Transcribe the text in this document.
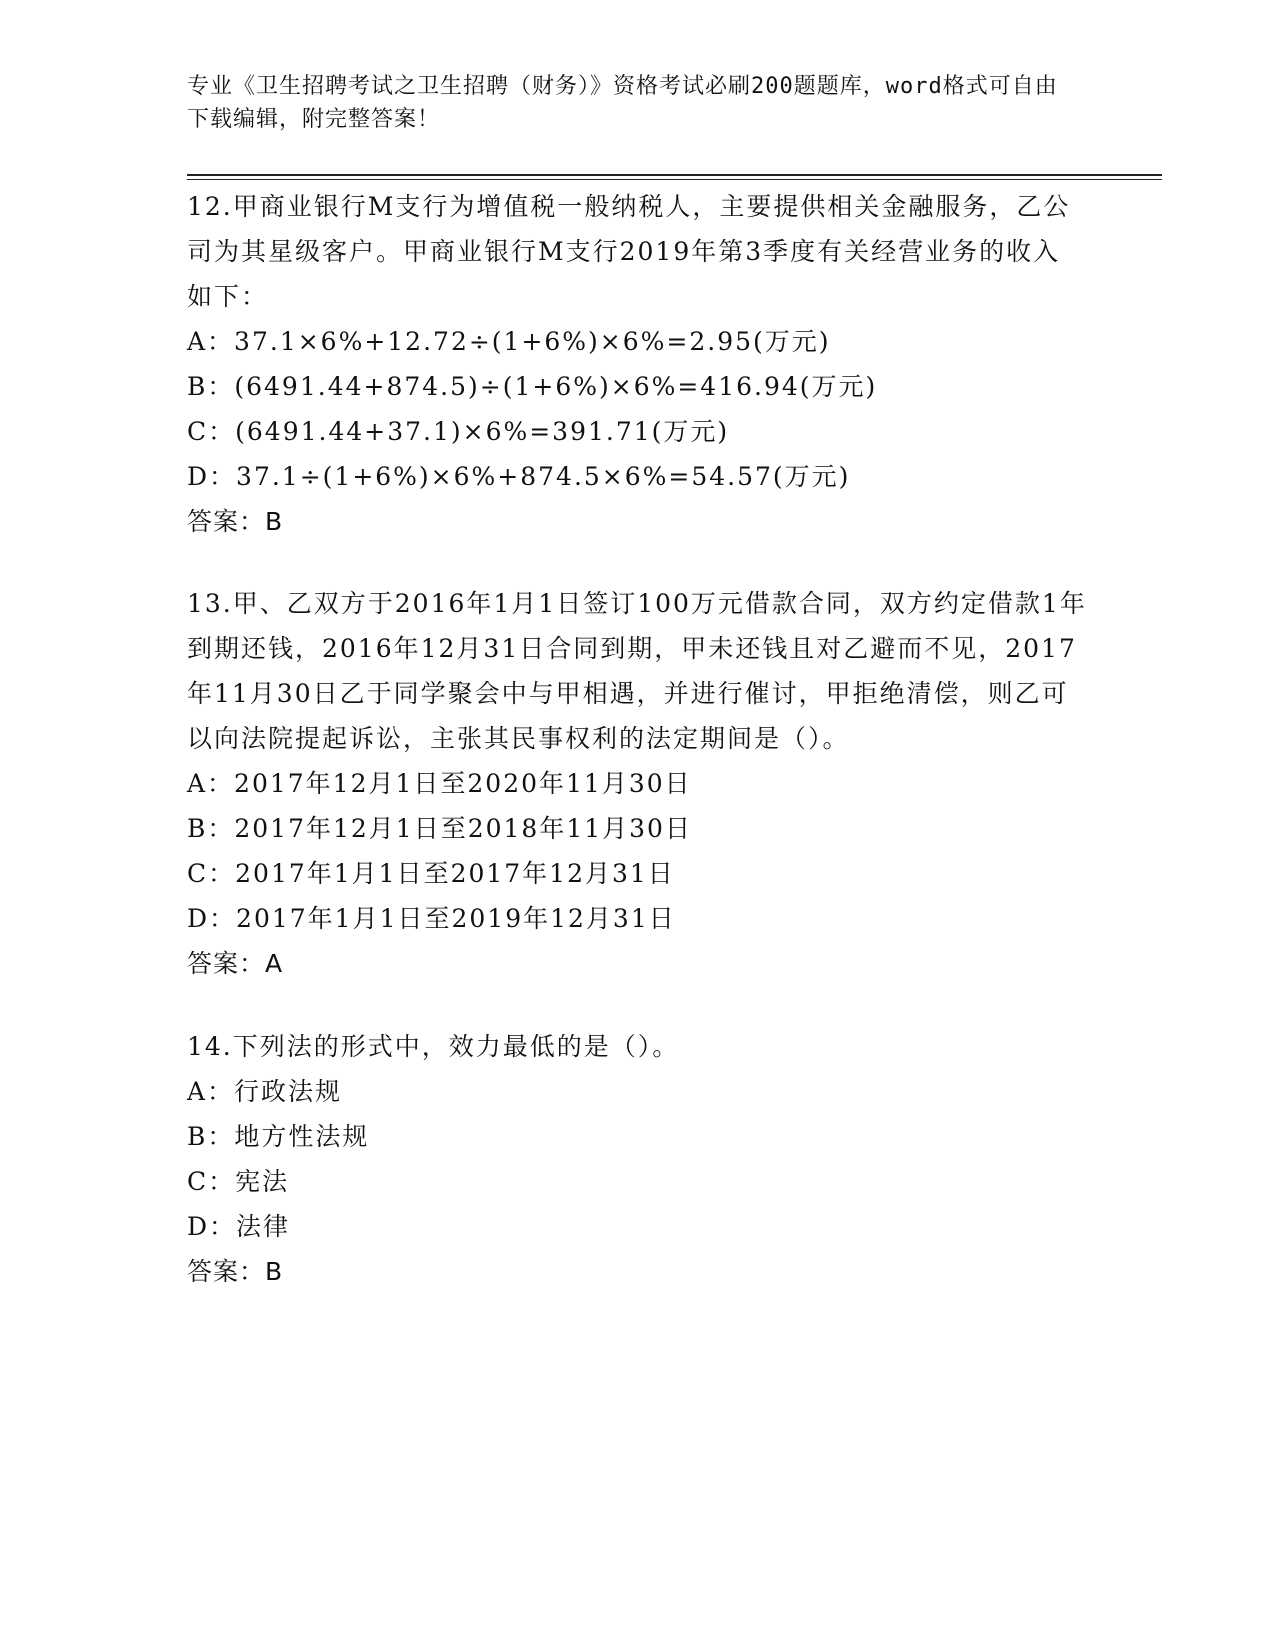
专业《卫生招聘考试之卫生招聘（财务）》资格考试必刷200题题库，word格式可自由下载编辑，附完整答案！

12.甲商业银行M支行为增值税一般纳税人，主要提供相关金融服务，乙公司为其星级客户。甲商业银行M支行2019年第3季度有关经营业务的收入如下：

A：37.1×6%+12.72÷(1+6%)×6%=2.95(万元)

B：(6491.44+874.5)÷(1+6%)×6%=416.94(万元)

C：(6491.44+37.1)×6%=391.71(万元)

D：37.1÷(1+6%)×6%+874.5×6%=54.57(万元)

答案：B

13.甲、乙双方于2016年1月1日签订100万元借款合同，双方约定借款1年到期还钱，2016年12月31日合同到期，甲未还钱且对乙避而不见，2017年11月30日乙于同学聚会中与甲相遇，并进行催讨，甲拒绝清偿，则乙可以向法院提起诉讼，主张其民事权利的法定期间是（）。

A：2017年12月1日至2020年11月30日

B：2017年12月1日至2018年11月30日

C：2017年1月1日至2017年12月31日

D：2017年1月1日至2019年12月31日

答案：A

14.下列法的形式中，效力最低的是（）。

A：行政法规

B：地方性法规

C：宪法

D：法律

答案：B
